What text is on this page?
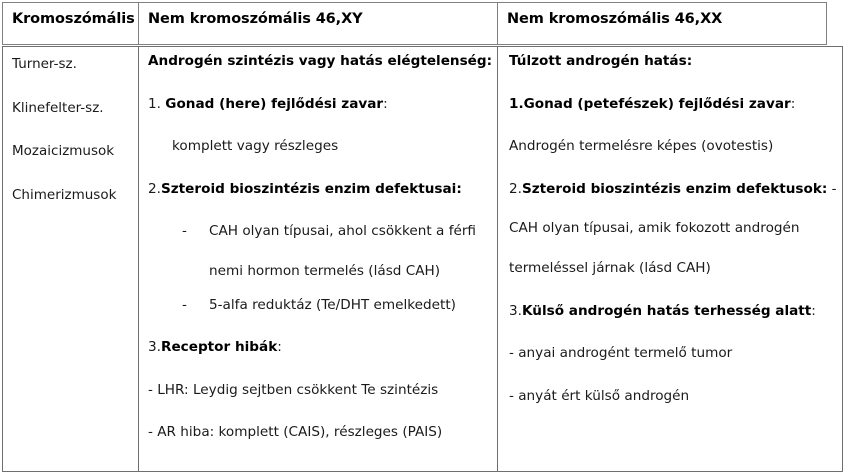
Kromoszómális Nem kromoszómális 46,XY	Nem kromoszómális 46,XX
Turner-sz.
Klinefelter-sz.
Mozaicizmusok
Chimerizmusok
Androgén szintézis vagy hatás elégtelenség:
1. Gonad (here) fejlődési zavar:
komplett vagy részleges
2.Szteroid bioszintézis enzim defektusai:
- CAH olyan típusai, ahol csökkent a férfi
nemi hormon termelés (lásd CAH)
- 5-alfa reduktáz (Te/DHT emelkedett)
3.Receptor hibák:
- LHR: Leydig sejtben csökkent Te szintézis
- AR hiba: komplett (CAIS), részleges (PAIS)
Túlzott androgén hatás:
1.Gonad (petefészek) fejlődési zavar:
Androgén termelésre képes (ovotestis)
2.Szteroid bioszintézis enzim defektusok: -
CAH olyan típusai, amik fokozott androgén
termeléssel járnak (lásd CAH)
3.Külső androgén hatás terhesség alatt:
- anyai androgént termelő tumor
- anyát ért külső androgén
